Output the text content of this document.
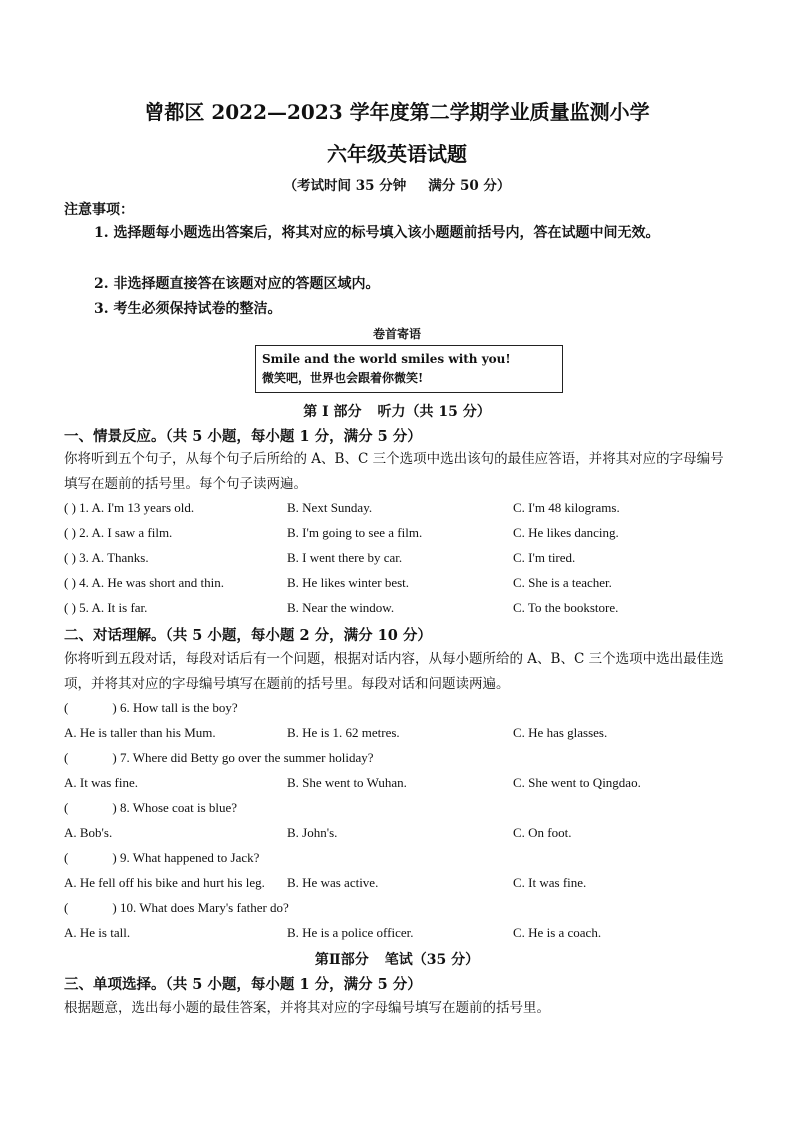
曾都区 2022—2023 学年度第二学期学业质量监测小学
六年级英语试题
（考试时间 35 分钟 满分 50 分）
注意事项：
1. 选择题每小题选出答案后，将其对应的标号填入该小题题前括号内，答在试题中间无效。
2. 非选择题直接答在该题对应的答题区域内。
3. 考生必须保持试卷的整洁。
卷首寄语
Smile and the world smiles with you!
微笑吧，世界也会跟着你微笑!
第 I 部分 听力（共 15 分）
一、情景反应。（共 5 小题，每小题 1 分，满分 5 分）
你将听到五个句子，从每个句子后所给的 A、B、C 三个选项中选出该句的最佳应答语，并将其对应的字母编号填写在题前的括号里。每个句子读两遍。
( ) 1. A. I'm 13 years old.	B. Next Sunday.	C. I'm 48 kilograms.
( ) 2. A. I saw a film.	B. I'm going to see a film.	C. He likes dancing.
( ) 3. A. Thanks.	B. I went there by car.	C. I'm tired.
( ) 4. A. He was short and thin.	B. He likes winter best.	C. She is a teacher.
( ) 5. A. It is far.	B. Near the window.	C. To the bookstore.
二、对话理解。（共 5 小题，每小题 2 分，满分 10 分）
你将听到五段对话，每段对话后有一个问题，根据对话内容，从每小题所给的 A、B、C 三个选项中选出最佳选项，并将其对应的字母编号填写在题前的括号里。每段对话和问题读两遍。
(	) 6. How tall is the boy?
A. He is taller than his Mum.	B. He is 1. 62 metres.	C. He has glasses.
(	) 7. Where did Betty go over the summer holiday?
A. It was fine.	B. She went to Wuhan.	C. She went to Qingdao.
(	) 8. Whose coat is blue?
A. Bob's.	B. John's.	C. On foot.
(	) 9. What happened to Jack?
A. He fell off his bike and hurt his leg. B. He was active.	C. It was fine.
(	) 10. What does Mary's father do?
A. He is tall.	B. He is a police officer.	C. He is a coach.
第Ⅱ部分 笔试（35 分）
三、单项选择。（共 5 小题，每小题 1 分，满分 5 分）
根据题意，选出每小题的最佳答案，并将其对应的字母编号填写在题前的括号里。
